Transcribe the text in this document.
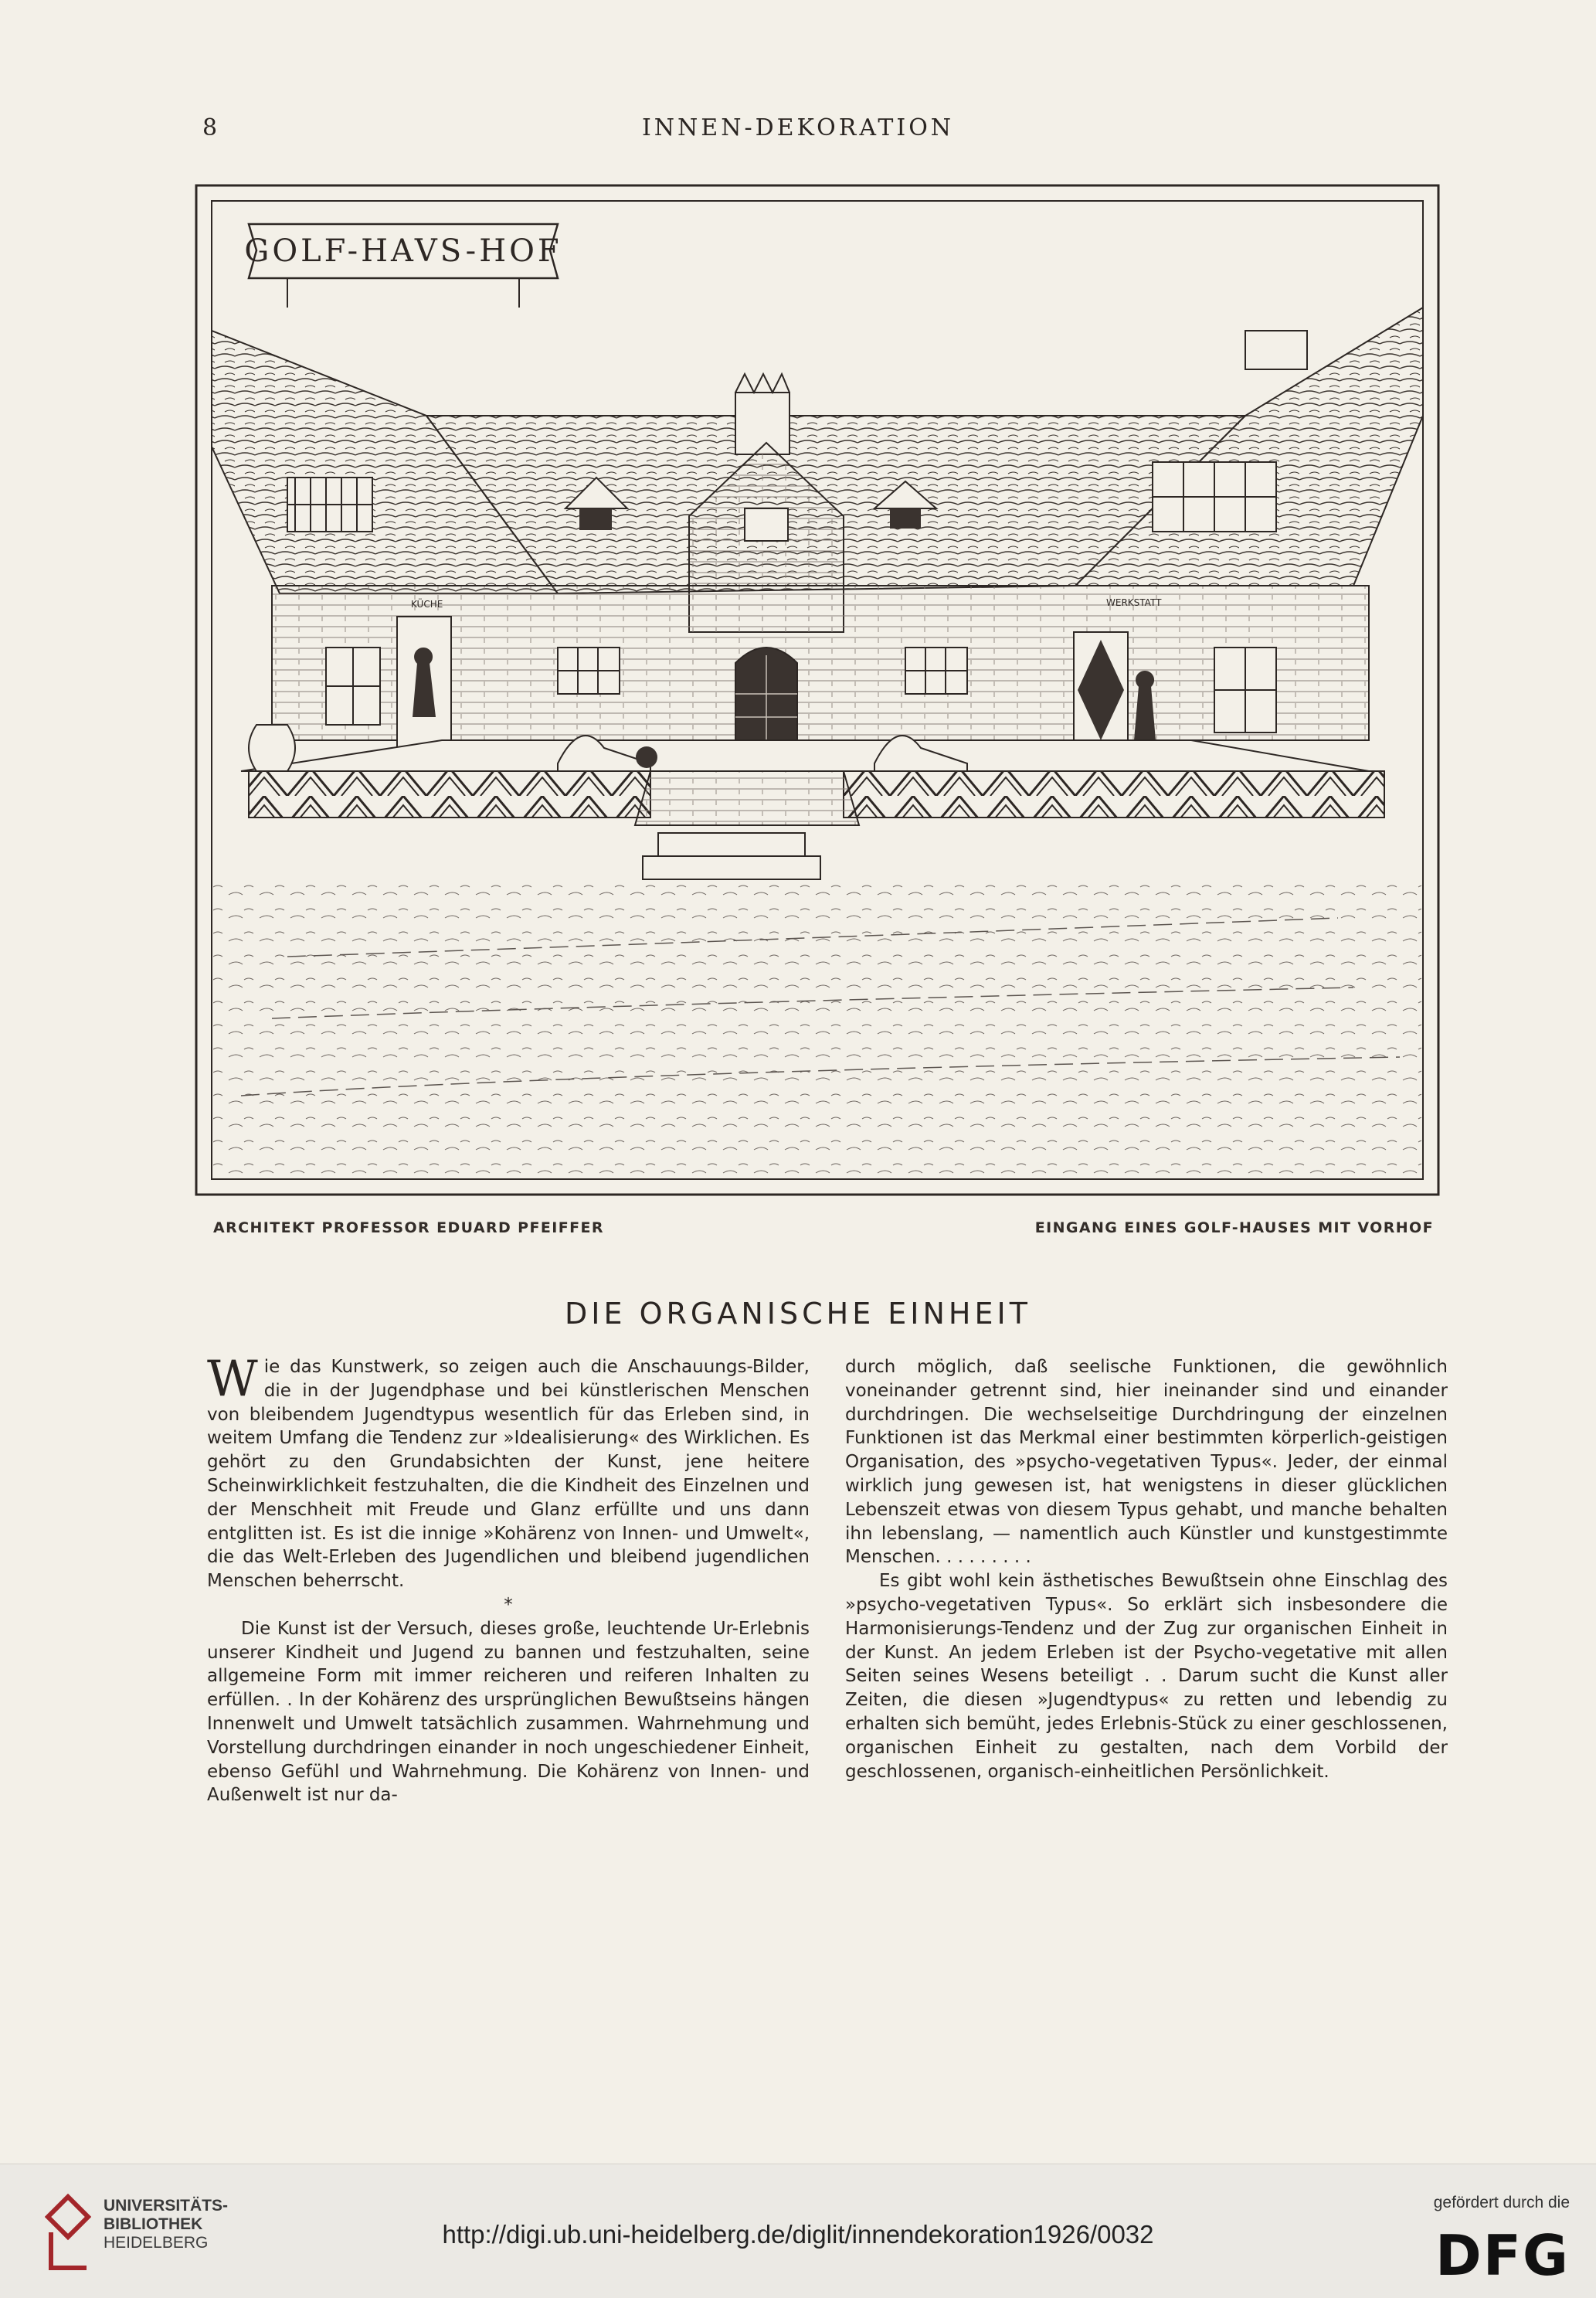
8	INNEN-DEKORATION
GOLF-HAVS-HOF
KÜCHE	WERKSTATT
ARCHITEKT PROFESSOR EDUARD PFEIFFER	EINGANG EINES GOLF-HAUSES MIT VORHOF
DIE ORGANISCHE EINHEIT

Wie das Kunstwerk, so zeigen auch die Anschauungs-Bilder, die in der Jugendphase und bei künstlerischen Menschen von bleibendem Jugendtypus wesentlich für das Erleben sind, in weitem Umfang die Tendenz zur »Idealisierung« des Wirklichen. Es gehört zu den Grundabsichten der Kunst, jene heitere Scheinwirklichkeit festzuhalten, die die Kindheit des Einzelnen und der Menschheit mit Freude und Glanz erfüllte und uns dann entglitten ist. Es ist die innige »Kohärenz von Innen- und Umwelt«, die das Welt-Erleben des Jugendlichen und bleibend jugendlichen Menschen beherrscht.

*

Die Kunst ist der Versuch, dieses große, leuchtende Ur-Erlebnis unserer Kindheit und Jugend zu bannen und festzuhalten, seine allgemeine Form mit immer reicheren und reiferen Inhalten zu erfüllen. . In der Kohärenz des ursprünglichen Bewußtseins hängen Innenwelt und Umwelt tatsächlich zusammen. Wahrnehmung und Vorstellung durchdringen einander in noch ungeschiedener Einheit, ebenso Gefühl und Wahrnehmung. Die Kohärenz von Innen- und Außenwelt ist nur da-

durch möglich, daß seelische Funktionen, die gewöhnlich voneinander getrennt sind, hier ineinander sind und einander durchdringen. Die wechselseitige Durchdringung der einzelnen Funktionen ist das Merkmal einer bestimmten körperlich-geistigen Organisation, des »psycho-vegetativen Typus«. Jeder, der einmal wirklich jung gewesen ist, hat wenigstens in dieser glücklichen Lebenszeit etwas von diesem Typus gehabt, und manche behalten ihn lebenslang, — namentlich auch Künstler und kunstgestimmte Menschen. . . . . . . . .

Es gibt wohl kein ästhetisches Bewußtsein ohne Einschlag des »psycho-vegetativen Typus«. So erklärt sich insbesondere die Harmonisierungs-Tendenz und der Zug zur organischen Einheit in der Kunst. An jedem Erleben ist der Psycho-vegetative mit allen Seiten seines Wesens beteiligt . . Darum sucht die Kunst aller Zeiten, die diesen »Jugendtypus« zu retten und lebendig zu erhalten sich bemüht, jedes Erlebnis-Stück zu einer geschlossenen, organischen Einheit zu gestalten, nach dem Vorbild der geschlossenen, organisch-einheitlichen Persönlichkeit.

UNIVERSITÄTS-
BIBLIOTHEK
HEIDELBERG	http://digi.ub.uni-heidelberg.de/diglit/innendekoration1926/0032
gefördert durch die
DFG
